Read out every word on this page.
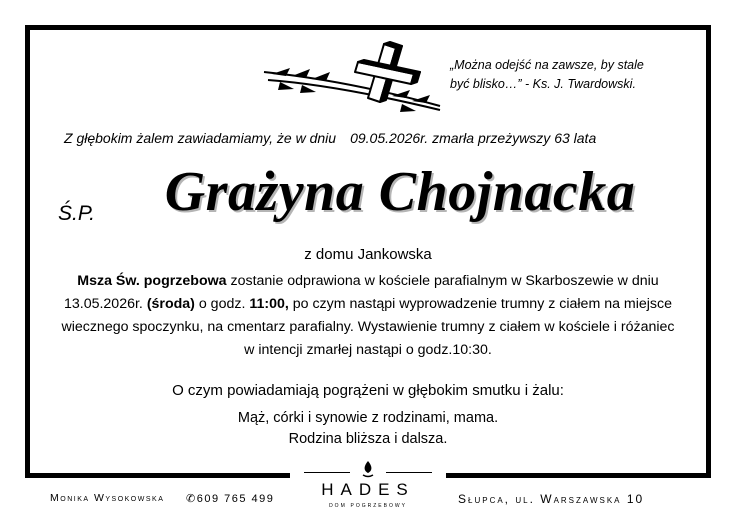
„Można odejść na zawsze, by stale
być blisko…” - Ks. J. Twardowski.
Z głębokim żalem zawiadamiamy, że w dniu 09.05.2026r. zmarła przeżywszy 63 lata
Ś.P.	Grażyna Chojnacka
z domu Jankowska
Msza Św. pogrzebowa zostanie odprawiona w kościele parafialnym w Skarboszewie w dniu 13.05.2026r. (środa) o godz. 11:00, po czym nastąpi wyprowadzenie trumny z ciałem na miejsce wiecznego spoczynku, na cmentarz parafialny. Wystawienie trumny z ciałem w kościele i różaniec w intencji zmarłej nastąpi o godz.10:30.
O czym powiadamiają pogrążeni w głębokim smutku i żalu:
Mąż, córki i synowie z rodzinami, mama.
Rodzina bliższa i dalsza.
Monika Wysokowska ✆609 765 499	HADES
dom pogrzebowy	Słupca, ul. Warszawska 10
